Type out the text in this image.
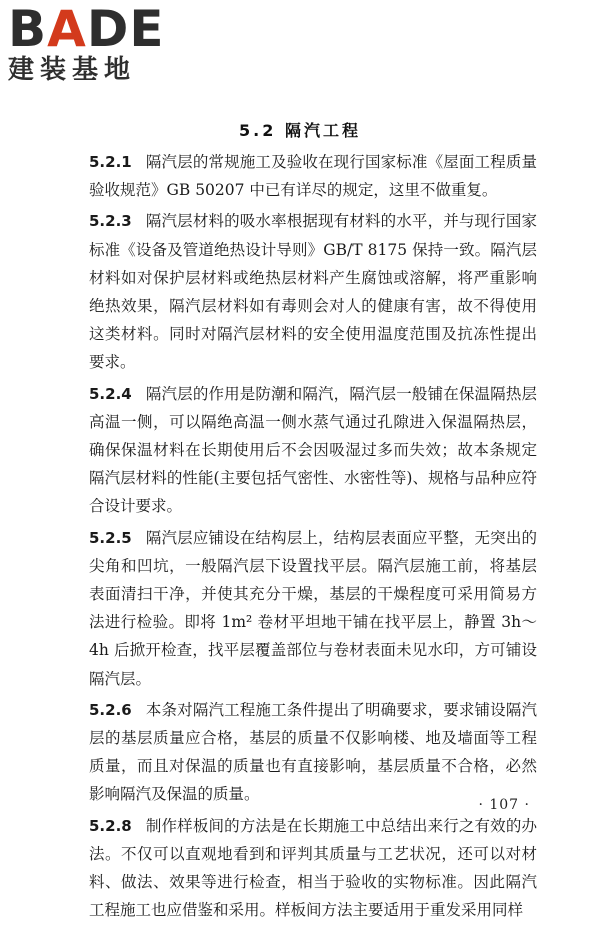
BADE
建装基地
5.2 隔汽工程

5.2.1 隔汽层的常规施工及验收在现行国家标准《屋面工程质量验收规范》GB 50207 中已有详尽的规定，这里不做重复。

5.2.3 隔汽层材料的吸水率根据现有材料的水平，并与现行国家标准《设备及管道绝热设计导则》GB/T 8175 保持一致。隔汽层材料如对保护层材料或绝热层材料产生腐蚀或溶解，将严重影响绝热效果，隔汽层材料如有毒则会对人的健康有害，故不得使用这类材料。同时对隔汽层材料的安全使用温度范围及抗冻性提出要求。

5.2.4 隔汽层的作用是防潮和隔汽，隔汽层一般铺在保温隔热层高温一侧，可以隔绝高温一侧水蒸气通过孔隙进入保温隔热层，确保保温材料在长期使用后不会因吸湿过多而失效；故本条规定隔汽层材料的性能(主要包括气密性、水密性等)、规格与品种应符合设计要求。

5.2.5 隔汽层应铺设在结构层上，结构层表面应平整，无突出的尖角和凹坑，一般隔汽层下设置找平层。隔汽层施工前，将基层表面清扫干净，并使其充分干燥，基层的干燥程度可采用简易方法进行检验。即将 1m² 卷材平坦地干铺在找平层上，静置 3h～4h 后掀开检查，找平层覆盖部位与卷材表面未见水印，方可铺设隔汽层。

5.2.6 本条对隔汽工程施工条件提出了明确要求，要求铺设隔汽层的基层质量应合格，基层的质量不仅影响楼、地及墙面等工程质量，而且对保温的质量也有直接影响，基层质量不合格，必然影响隔汽及保温的质量。

5.2.8 制作样板间的方法是在长期施工中总结出来行之有效的办法。不仅可以直观地看到和评判其质量与工艺状况，还可以对材料、做法、效果等进行检查，相当于验收的实物标准。因此隔汽工程施工也应借鉴和采用。样板间方法主要适用于重发采用同样

· 107 ·
